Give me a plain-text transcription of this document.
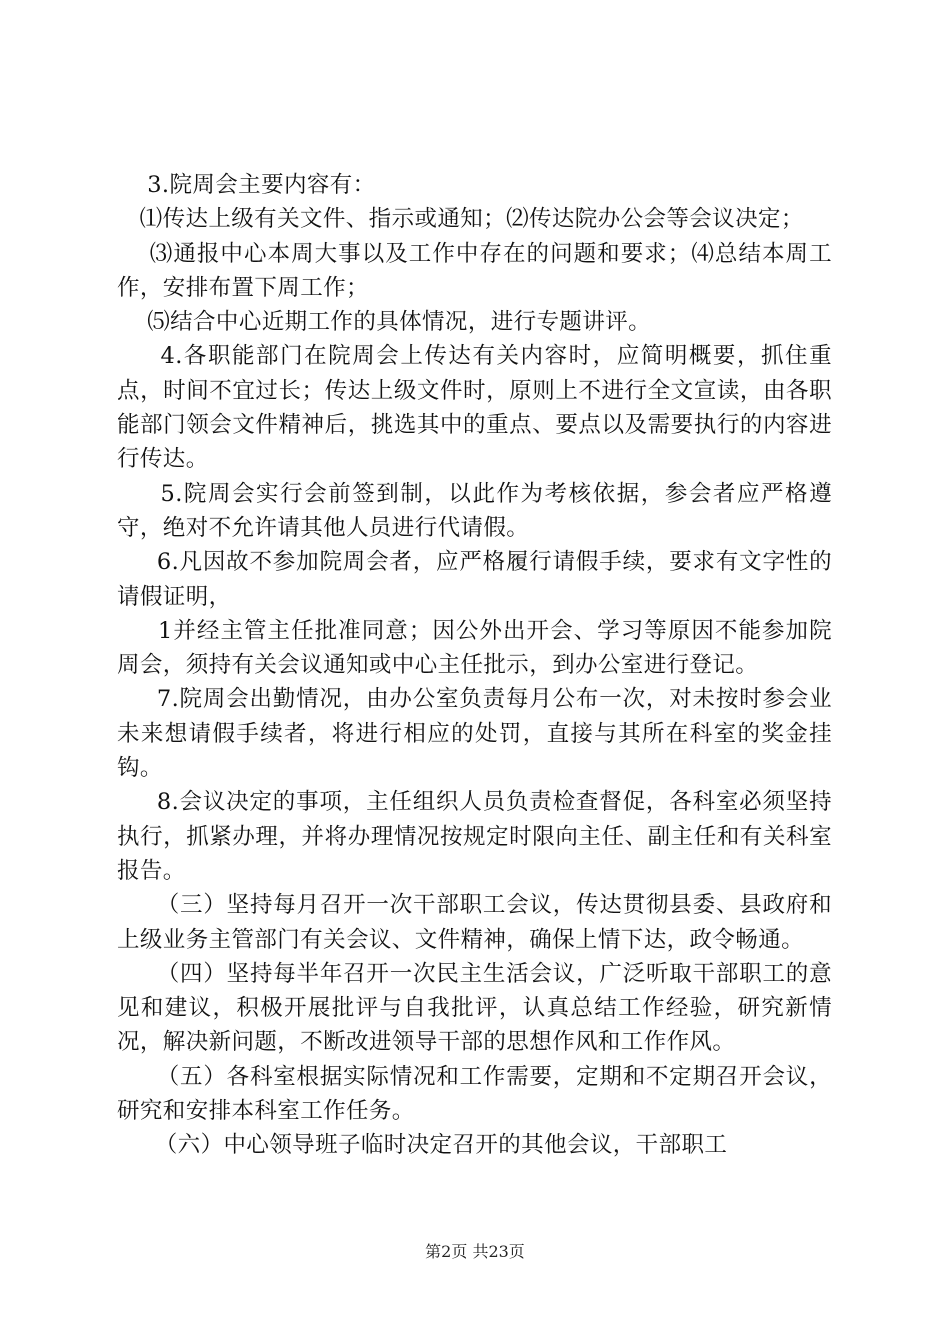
3.院周会主要内容有：

⑴传达上级有关文件、指示或通知；⑵传达院办公会等会议决定；

⑶通报中心本周大事以及工作中存在的问题和要求；⑷总结本周工作，安排布置下周工作；

⑸结合中心近期工作的具体情况，进行专题讲评。

4.各职能部门在院周会上传达有关内容时，应简明概要，抓住重点，时间不宜过长；传达上级文件时，原则上不进行全文宣读，由各职能部门领会文件精神后，挑选其中的重点、要点以及需要执行的内容进行传达。

5.院周会实行会前签到制，以此作为考核依据，参会者应严格遵守，绝对不允许请其他人员进行代请假。

6.凡因故不参加院周会者，应严格履行请假手续，要求有文字性的请假证明，

1并经主管主任批准同意；因公外出开会、学习等原因不能参加院周会，须持有关会议通知或中心主任批示，到办公室进行登记。

7.院周会出勤情况，由办公室负责每月公布一次，对未按时参会业未来想请假手续者，将进行相应的处罚，直接与其所在科室的奖金挂钩。

8.会议决定的事项，主任组织人员负责检查督促，各科室必须坚持执行，抓紧办理，并将办理情况按规定时限向主任、副主任和有关科室报告。

（三）坚持每月召开一次干部职工会议，传达贯彻县委、县政府和上级业务主管部门有关会议、文件精神，确保上情下达，政令畅通。

（四）坚持每半年召开一次民主生活会议，广泛听取干部职工的意见和建议，积极开展批评与自我批评，认真总结工作经验，研究新情况，解决新问题，不断改进领导干部的思想作风和工作作风。

（五）各科室根据实际情况和工作需要，定期和不定期召开会议，研究和安排本科室工作任务。

（六）中心领导班子临时决定召开的其他会议，干部职工

第2页 共23页
